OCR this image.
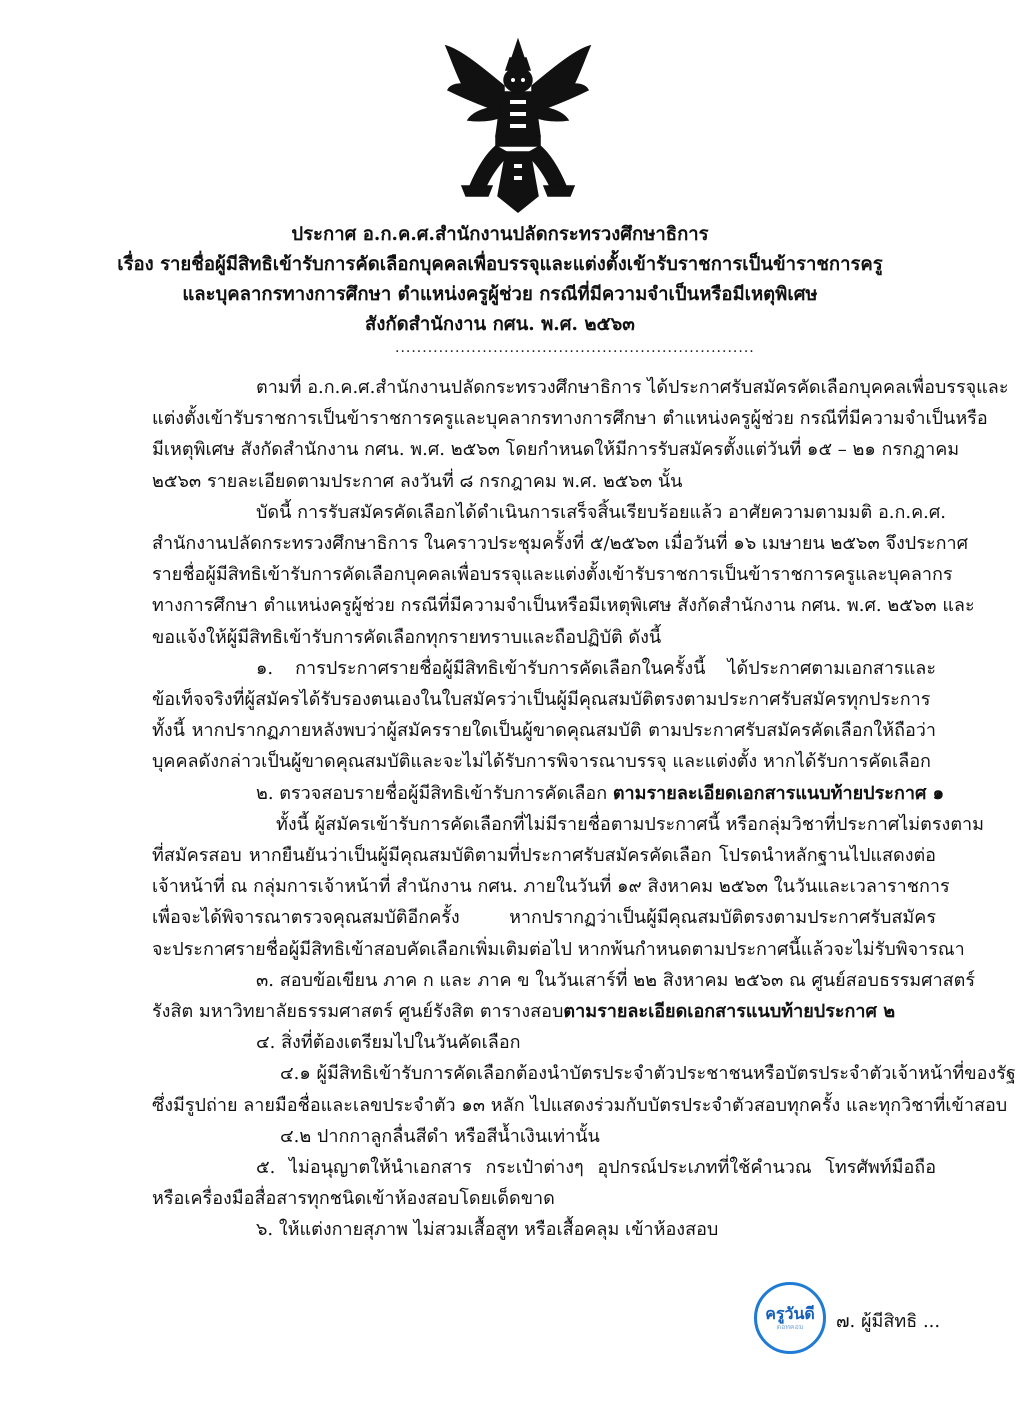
ประกาศ อ.ก.ค.ศ.สำนักงานปลัดกระทรวงศึกษาธิการ
เรื่อง รายชื่อผู้มีสิทธิเข้ารับการคัดเลือกบุคคลเพื่อบรรจุและแต่งตั้งเข้ารับราชการเป็นข้าราชการครู
และบุคลากรทางการศึกษา ตำแหน่งครูผู้ช่วย กรณีที่มีความจำเป็นหรือมีเหตุพิเศษ
สังกัดสำนักงาน กศน. พ.ศ. ๒๕๖๓
..................................................................
ตามที่ อ.ก.ค.ศ.สำนักงานปลัดกระทรวงศึกษาธิการ ได้ประกาศรับสมัครคัดเลือกบุคคลเพื่อบรรจุและ
แต่งตั้งเข้ารับราชการเป็นข้าราชการครูและบุคลากรทางการศึกษา ตำแหน่งครูผู้ช่วย กรณีที่มีความจำเป็นหรือ
มีเหตุพิเศษ สังกัดสำนักงาน กศน. พ.ศ. ๒๕๖๓ โดยกำหนดให้มีการรับสมัครตั้งแต่วันที่ ๑๕ – ๒๑ กรกฎาคม
๒๕๖๓ รายละเอียดตามประกาศ ลงวันที่ ๘ กรกฎาคม พ.ศ. ๒๕๖๓ นั้น
บัดนี้ การรับสมัครคัดเลือกได้ดำเนินการเสร็จสิ้นเรียบร้อยแล้ว อาศัยความตามมติ อ.ก.ค.ศ.
สำนักงานปลัดกระทรวงศึกษาธิการ ในคราวประชุมครั้งที่ ๕/๒๕๖๓ เมื่อวันที่ ๑๖ เมษายน ๒๕๖๓ จึงประกาศ
รายชื่อผู้มีสิทธิเข้ารับการคัดเลือกบุคคลเพื่อบรรจุและแต่งตั้งเข้ารับราชการเป็นข้าราชการครูและบุคลากร
ทางการศึกษา ตำแหน่งครูผู้ช่วย กรณีที่มีความจำเป็นหรือมีเหตุพิเศษ สังกัดสำนักงาน กศน. พ.ศ. ๒๕๖๓ และ
ขอแจ้งให้ผู้มีสิทธิเข้ารับการคัดเลือกทุกรายทราบและถือปฏิบัติ ดังนี้
๑. การประกาศรายชื่อผู้มีสิทธิเข้ารับการคัดเลือกในครั้งนี้ ได้ประกาศตามเอกสารและ
ข้อเท็จจริงที่ผู้สมัครได้รับรองตนเองในใบสมัครว่าเป็นผู้มีคุณสมบัติตรงตามประกาศรับสมัครทุกประการ
ทั้งนี้ หากปรากฏภายหลังพบว่าผู้สมัครรายใดเป็นผู้ขาดคุณสมบัติ ตามประกาศรับสมัครคัดเลือกให้ถือว่า
บุคคลดังกล่าวเป็นผู้ขาดคุณสมบัติและจะไม่ได้รับการพิจารณาบรรจุ และแต่งตั้ง หากได้รับการคัดเลือก
๒. ตรวจสอบรายชื่อผู้มีสิทธิเข้ารับการคัดเลือก ตามรายละเอียดเอกสารแนบท้ายประกาศ ๑
ทั้งนี้ ผู้สมัครเข้ารับการคัดเลือกที่ไม่มีรายชื่อตามประกาศนี้ หรือกลุ่มวิชาที่ประกาศไม่ตรงตาม
ที่สมัครสอบ หากยืนยันว่าเป็นผู้มีคุณสมบัติตามที่ประกาศรับสมัครคัดเลือก โปรดนำหลักฐานไปแสดงต่อ
เจ้าหน้าที่ ณ กลุ่มการเจ้าหน้าที่ สำนักงาน กศน. ภายในวันที่ ๑๙ สิงหาคม ๒๕๖๓ ในวันและเวลาราชการ
เพื่อจะได้พิจารณาตรวจคุณสมบัติอีกครั้ง หากปรากฏว่าเป็นผู้มีคุณสมบัติตรงตามประกาศรับสมัคร
จะประกาศรายชื่อผู้มีสิทธิเข้าสอบคัดเลือกเพิ่มเติมต่อไป หากพ้นกำหนดตามประกาศนี้แล้วจะไม่รับพิจารณา
๓. สอบข้อเขียน ภาค ก และ ภาค ข ในวันเสาร์ที่ ๒๒ สิงหาคม ๒๕๖๓ ณ ศูนย์สอบธรรมศาสตร์
รังสิต มหาวิทยาลัยธรรมศาสตร์ ศูนย์รังสิต ตารางสอบตามรายละเอียดเอกสารแนบท้ายประกาศ ๒
๔. สิ่งที่ต้องเตรียมไปในวันคัดเลือก
๔.๑ ผู้มีสิทธิเข้ารับการคัดเลือกต้องนำบัตรประจำตัวประชาชนหรือบัตรประจำตัวเจ้าหน้าที่ของรัฐ
ซึ่งมีรูปถ่าย ลายมือชื่อและเลขประจำตัว ๑๓ หลัก ไปแสดงร่วมกับบัตรประจำตัวสอบทุกครั้ง และทุกวิชาที่เข้าสอบ
๔.๒ ปากกาลูกลื่นสีดำ หรือสีน้ำเงินเท่านั้น
๕. ไม่อนุญาตให้นำเอกสาร กระเป๋าต่างๆ อุปกรณ์ประเภทที่ใช้คำนวณ โทรศัพท์มือถือ
หรือเครื่องมือสื่อสารทุกชนิดเข้าห้องสอบโดยเด็ดขาด
๖. ให้แต่งกายสุภาพ ไม่สวมเสื้อสูท หรือเสื้อคลุม เข้าห้องสอบ
ครูวันดี
ดอทคอม	๗. ผู้มีสิทธิ ...
